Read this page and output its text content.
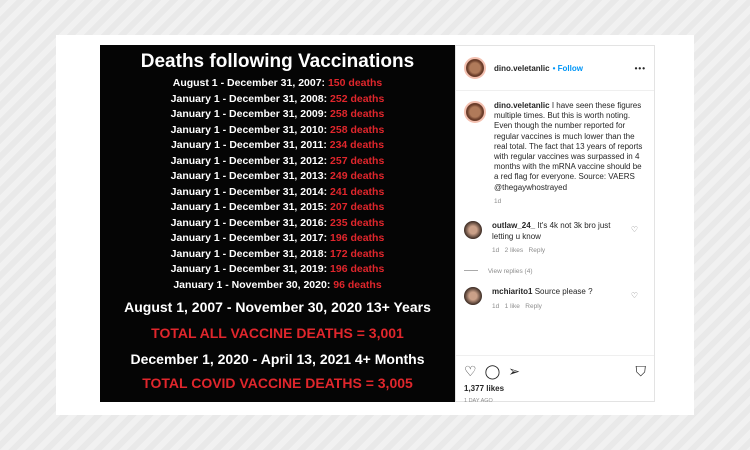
Deaths following Vaccinations
August 1 - December 31, 2007: 150 deaths
January 1 - December 31, 2008: 252 deaths
January 1 - December 31, 2009: 258 deaths
January 1 - December 31, 2010: 258 deaths
January 1 - December 31, 2011: 234 deaths
January 1 - December 31, 2012: 257 deaths
January 1 - December 31, 2013: 249 deaths
January 1 - December 31, 2014: 241 deaths
January 1 - December 31, 2015: 207 deaths
January 1 - December 31, 2016: 235 deaths
January 1 - December 31, 2017: 196 deaths
January 1 - December 31, 2018: 172 deaths
January 1 - December 31, 2019: 196 deaths
January 1 - November 30, 2020: 96 deaths
August 1, 2007 - November 30, 2020 13+ Years
TOTAL ALL VACCINE DEATHS = 3,001
December 1, 2020 - April 13, 2021 4+ Months
TOTAL COVID VACCINE DEATHS = 3,005
dino.veletanlic • Follow	•••
dino.veletanlic I have seen these figures multiple times. But this is worth noting. Even though the number reported for regular vaccines is much lower than the real total. The fact that 13 years of reports with regular vaccines was surpassed in 4 months with the mRNA vaccine should be a red flag for everyone. Source: VAERS @thegaywhostrayed
1d
outlaw_24_ It's 4k not 3k bro just letting u know
1d 2 likes Reply
View replies (4)
♡
mchiarito1 Source please ?
1d 1 like Reply
♡
♡ ◯ ➢	⛉
1,377 likes
1 DAY AGO
